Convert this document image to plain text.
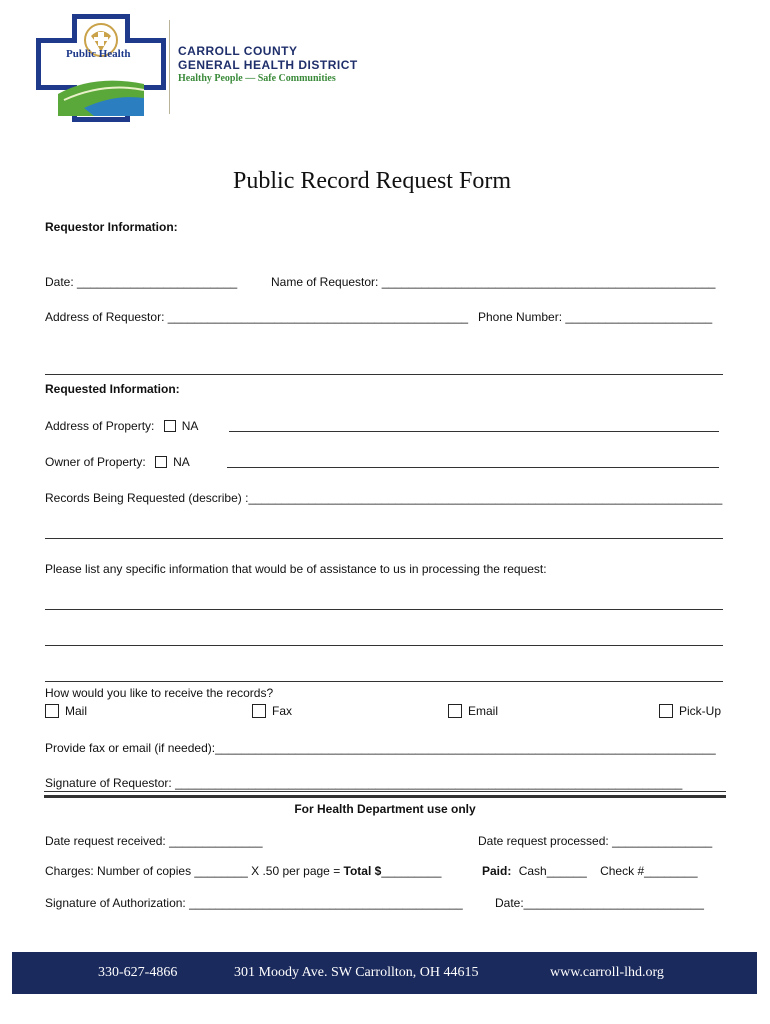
Public Health	CARROLL COUNTY
GENERAL HEALTH DISTRICT
Healthy People — Safe Communities
Public Record Request Form
Requestor Information:
Date: ________________________	Name of Requestor: __________________________________________________
Address of Requestor: _____________________________________________ Phone Number: ______________________
Requested Information:
Address of Property: NA
Owner of Property: NA
Records Being Requested (describe) :_______________________________________________________________________
Please list any specific information that would be of assistance to us in processing the request:
How would you like to receive the records?
Mail	Fax	Email	Pick-Up
Provide fax or email (if needed):___________________________________________________________________________
Signature of Requestor: ____________________________________________________________________________
For Health Department use only
Date request received: ______________	Date request processed: _______________
Charges: Number of copies ________ X .50 per page = Total $_________	Paid: Cash______ Check #________
Signature of Authorization: _________________________________________	Date:___________________________
330-627-4866	301 Moody Ave. SW Carrollton, OH 44615	www.carroll-lhd.org
